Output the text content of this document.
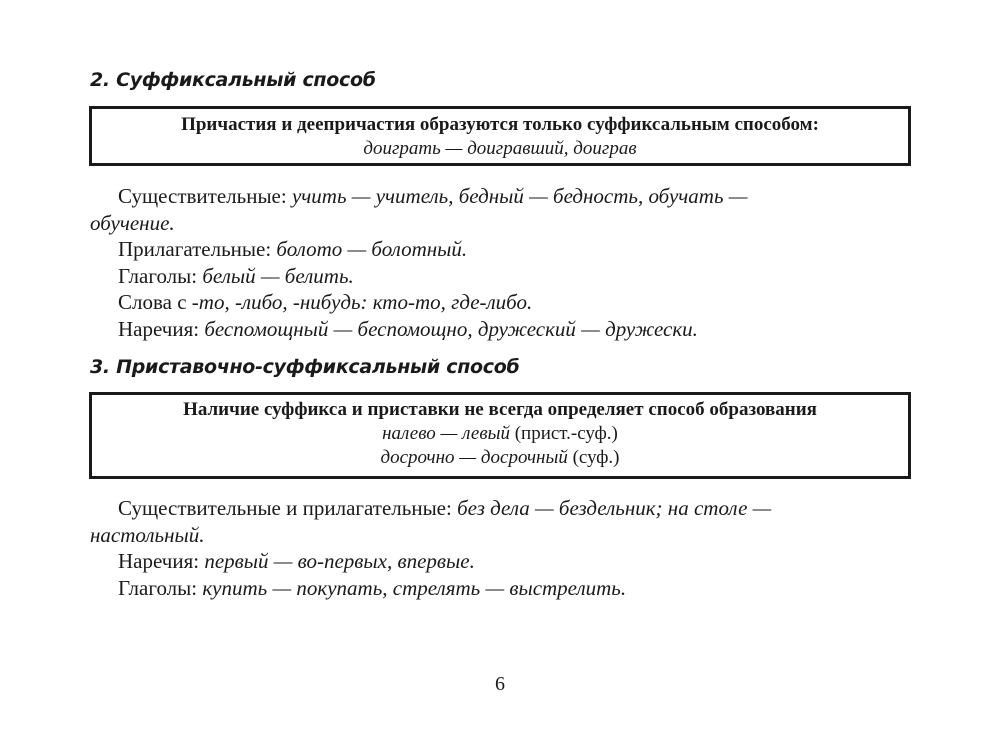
2. Суффиксальный способ
Причастия и деепричастия образуются только суффиксальным способом:
доиграть — доигравший, доиграв
Существительные: учить — учитель, бедный — бедность, обучать —
обучение.
Прилагательные: болото — болотный.
Глаголы: белый — белить.
Слова с -то, -либо, -нибудь: кто-то, где-либо.
Наречия: беспомощный — беспомощно, дружеский — дружески.
3. Приставочно-суффиксальный способ
Наличие суффикса и приставки не всегда определяет способ образования
налево — левый (прист.-суф.)
досрочно — досрочный (суф.)
Существительные и прилагательные: без дела — бездельник; на столе —
настольный.
Наречия: первый — во-первых, впервые.
Глаголы: купить — покупать, стрелять — выстрелить.
6
